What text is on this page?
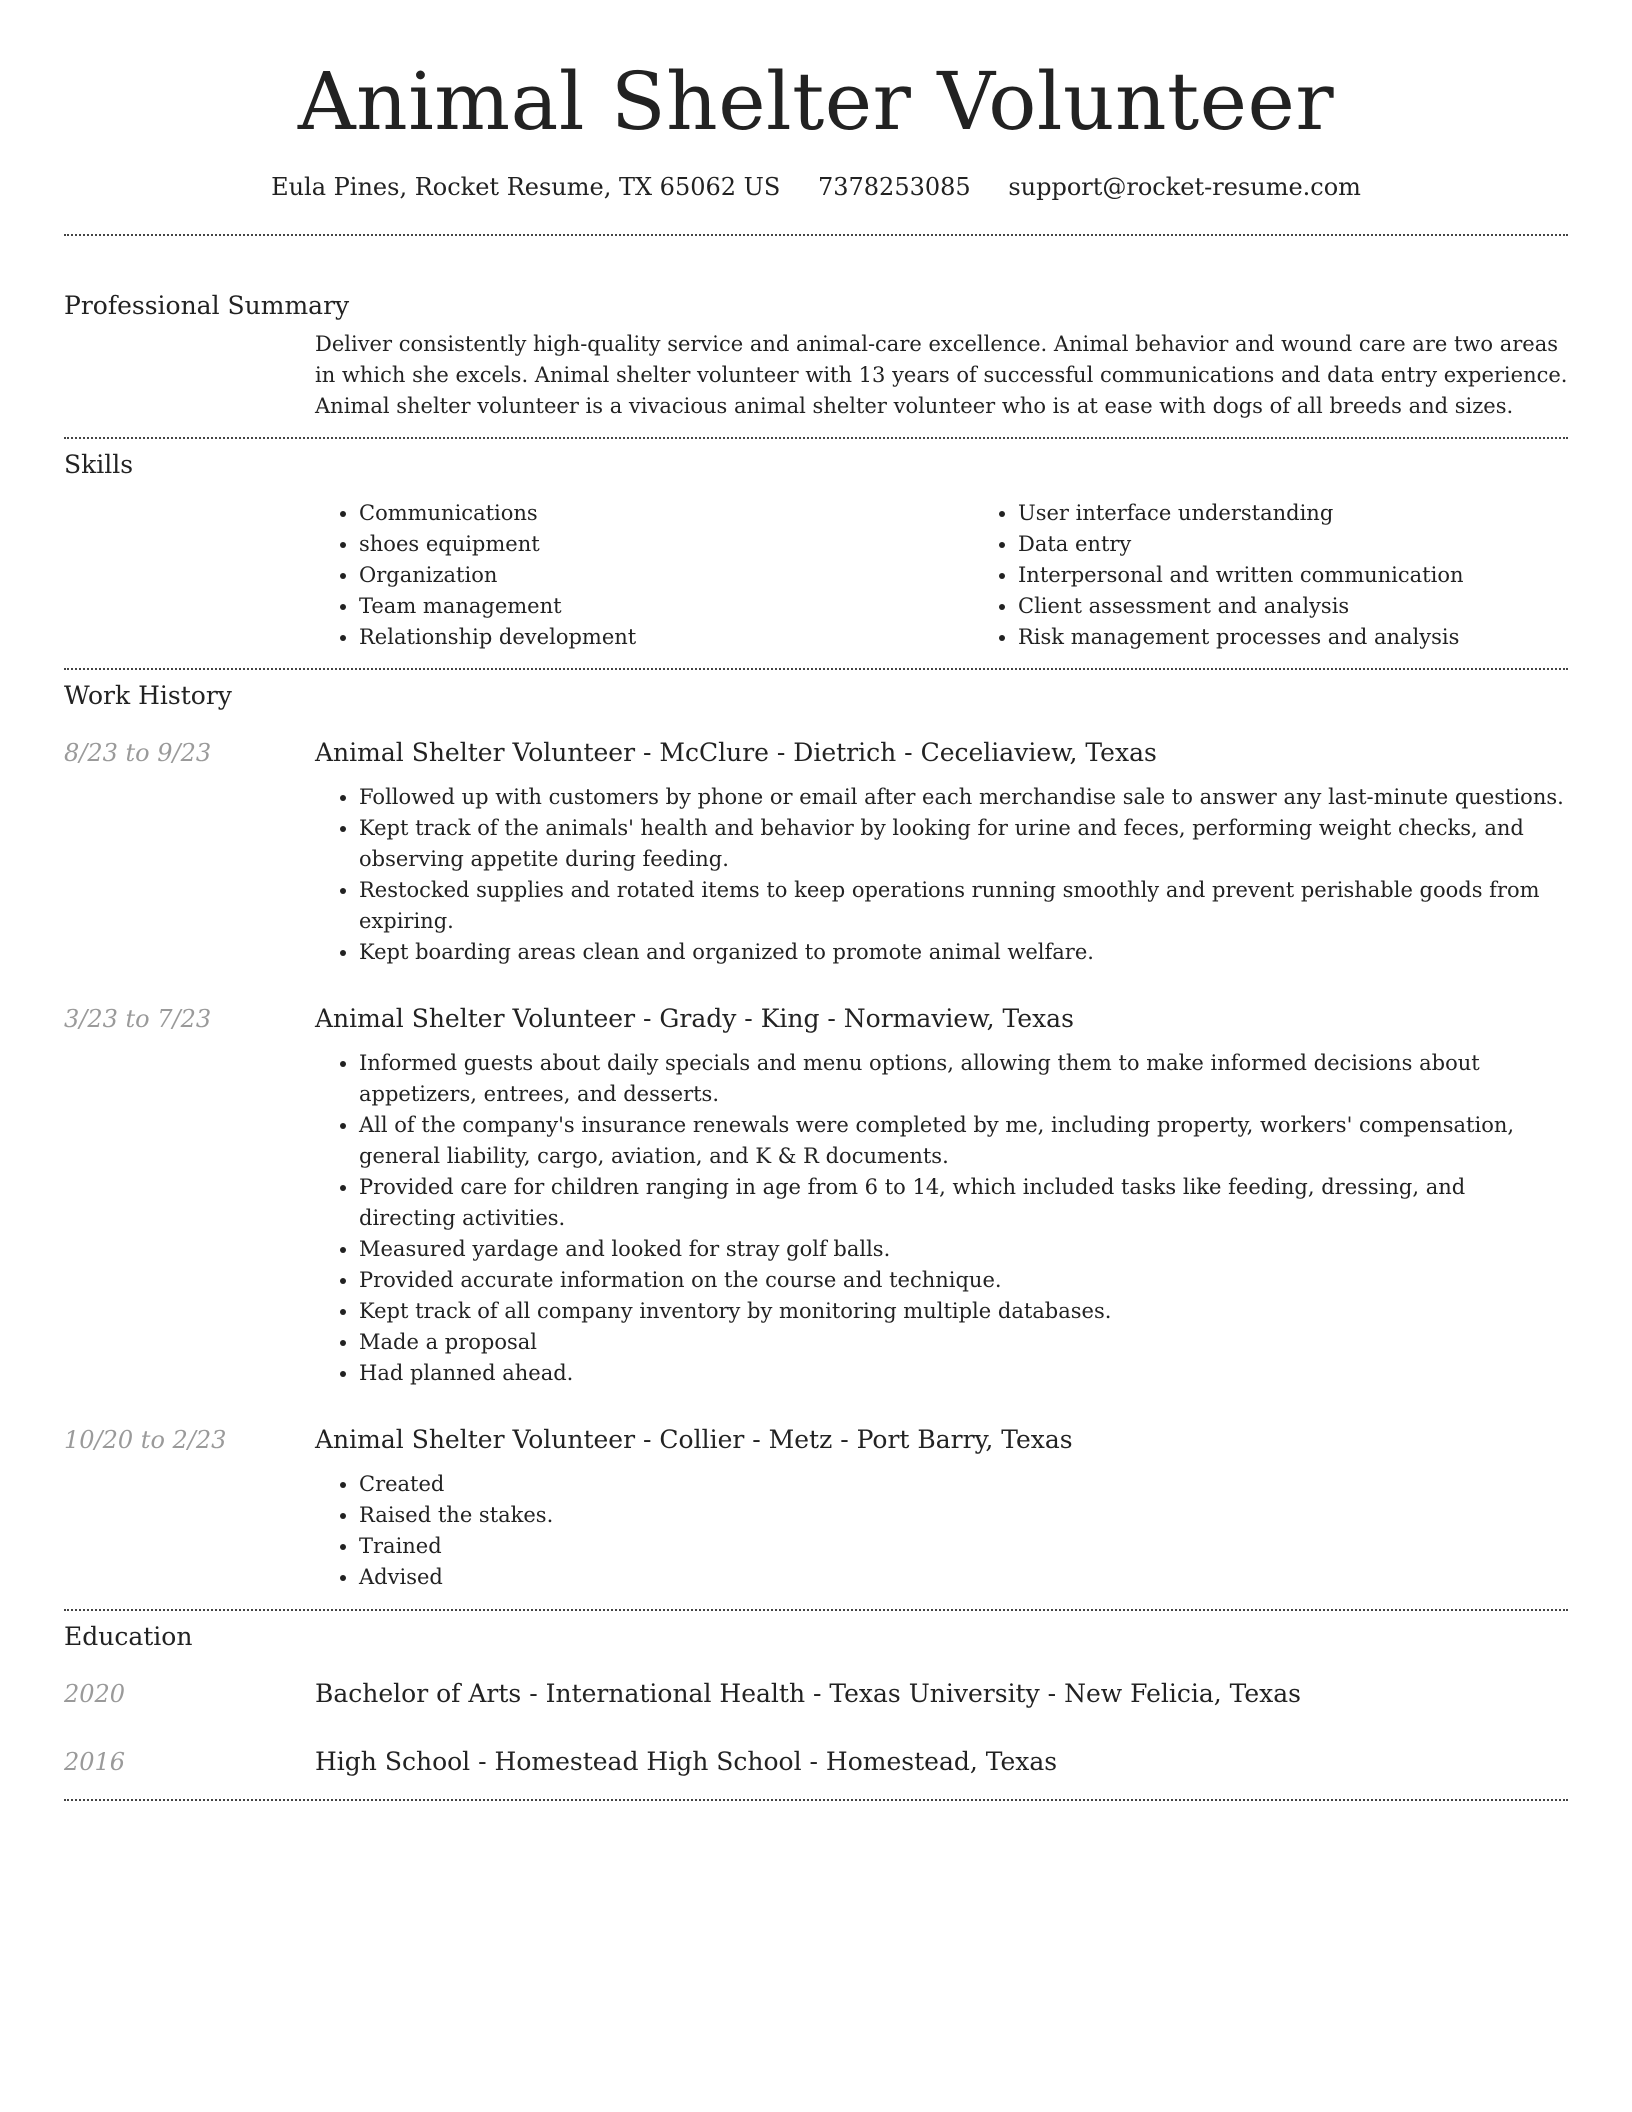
Animal Shelter Volunteer
Eula Pines, Rocket Resume, TX 65062 US 7378253085 support@rocket-resume.com
Professional Summary

Deliver consistently high-quality service and animal-care excellence. Animal behavior and wound care are two areas in which she excels. Animal shelter volunteer with 13 years of successful communications and data entry experience. Animal shelter volunteer is a vivacious animal shelter volunteer who is at ease with dogs of all breeds and sizes.

Skills
• Communications
• shoes equipment
• Organization
• Team management
• Relationship development
• User interface understanding
• Data entry
• Interpersonal and written communication
• Client assessment and analysis
• Risk management processes and analysis
Work History
8/23 to 9/23	Animal Shelter Volunteer - McClure - Dietrich - Ceceliaview, Texas
• Followed up with customers by phone or email after each merchandise sale to answer any last-minute questions.
• Kept track of the animals' health and behavior by looking for urine and feces, performing weight checks, and observing appetite during feeding.
• Restocked supplies and rotated items to keep operations running smoothly and prevent perishable goods from expiring.
• Kept boarding areas clean and organized to promote animal welfare.
3/23 to 7/23	Animal Shelter Volunteer - Grady - King - Normaview, Texas
• Informed guests about daily specials and menu options, allowing them to make informed decisions about appetizers, entrees, and desserts.
• All of the company's insurance renewals were completed by me, including property, workers' compensation, general liability, cargo, aviation, and K & R documents.
• Provided care for children ranging in age from 6 to 14, which included tasks like feeding, dressing, and directing activities.
• Measured yardage and looked for stray golf balls.
• Provided accurate information on the course and technique.
• Kept track of all company inventory by monitoring multiple databases.
• Made a proposal
• Had planned ahead.
10/20 to 2/23	Animal Shelter Volunteer - Collier - Metz - Port Barry, Texas
• Created
• Raised the stakes.
• Trained
• Advised
Education
2020	Bachelor of Arts - International Health - Texas University - New Felicia, Texas
2016	High School - Homestead High School - Homestead, Texas
